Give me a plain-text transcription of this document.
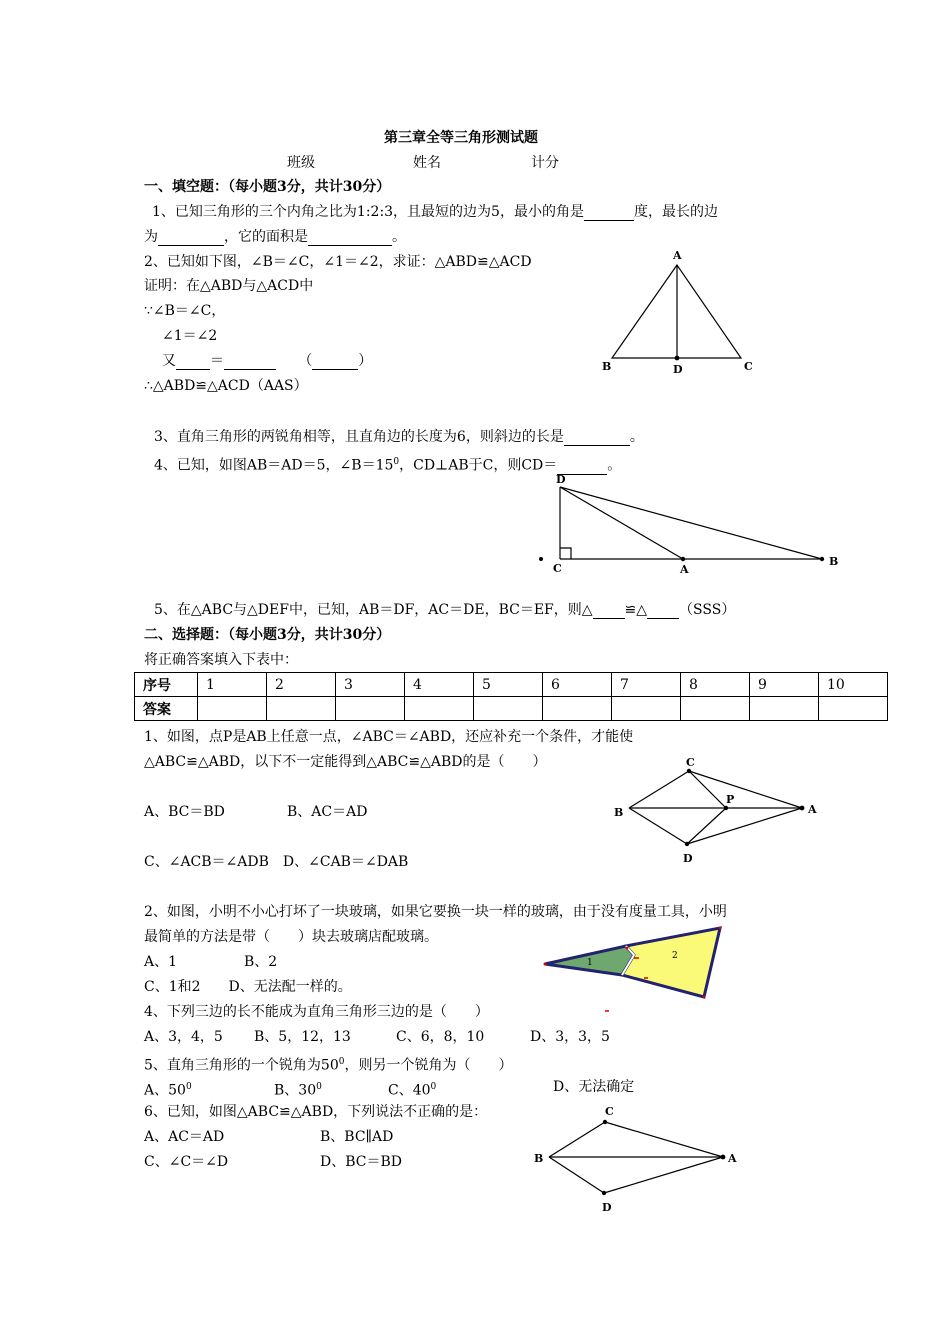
第三章全等三角形测试题
班级	姓名	计分
一、填空题：（每小题3分，共计30分）
1、已知三角形的三个内角之比为1:2:3，且最短的边为5，最小的角是	度，最长的边
为	，它的面积是	。
2、已知如下图，∠B＝∠C，∠1＝∠2，求证：△ABD≌△ACD
证明：在△ABD与△ACD中
∵∠B＝∠C，
∠1＝∠2
又 ＝	（	）
∴△ABD≌△ACD（AAS）
3、直角三角形的两锐角相等，且直角边的长度为6，则斜边的长是	。
4、已知，如图AB＝AD＝5，$\angle B=15^0$，CD⊥AB于C，则CD＝	。
5、在△ABC与△DEF中，已知，AB＝DF，AC＝DE，BC＝EF，则△ ≌△ （SSS）
二、选择题：（每小题3分，共计30分）
将正确答案填入下表中：
序号	1	2	3	4	5	6	7	8	9	10
答案										
1、如图，点P是AB上任意一点，∠ABC＝∠ABD，还应补充一个条件，才能使
△ABC≌△ABD，以下不一定能得到△ABC≌△ABD的是（　　）
A、BC＝BD	B、AC＝AD
C、∠ACB＝∠ADB　D、∠CAB＝∠DAB
2、如图，小明不小心打坏了一块玻璃，如果它要换一块一样的玻璃，由于没有度量工具，小明
最简单的方法是带（　　）块去玻璃店配玻璃。
A、1	B、2
C、1和2　　D、无法配一样的。
4、下列三边的长不能成为直角三角形三边的是（　　）
A、3，4，5 B、5，12，13	C、6，8，10	D、3，3，5
5、直角三角形的一个锐角为$50^0$，则另一个锐角为（　　）
A、$50^0$	B、$30^0$	C、$40^0$	D、无法确定
6、已知，如图△ABC≌△ABD，下列说法不正确的是：
A、AC＝AD	B、BC∥AD
C、∠C＝∠D	D、BC＝BD
A
B	D	C
D
C	A
B
C
B
P
A
D
1
2
C
B	A
D
